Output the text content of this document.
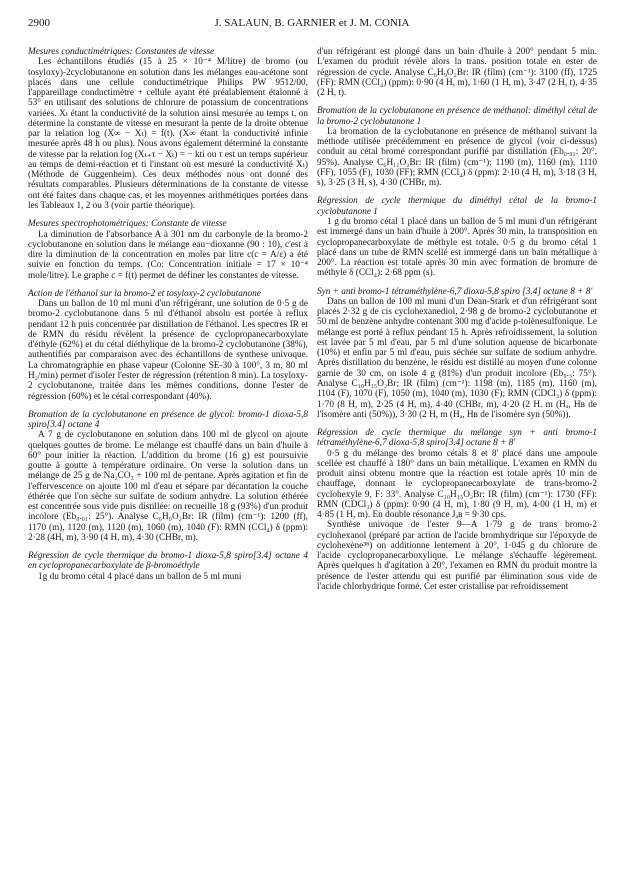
2900	J. SALAUN, B. GARNIER et J. M. CONIA

Mesures conductimétriques: Constantes de vitesse

Les échantillons étudiés (15 à 25 × 10⁻⁴ M/litre) de bromo (ou tosyloxy)-2cyclobutanone en solution dans les mélanges eau-acétone sont placés dans une cellule conductimétrique Philips PW 9512/00, l'appareillage conductimètre + cellule ayant été préalablement étalonné à 53° en utilisant des solutions de chlorure de potassium de concentrations variées. Xₜ étant la conductivité de la solution ainsi mesurée au temps t, on détermine la constante de vitesse en mesurant la pente de la droite obtenue par la relation log (X∞ − Xₜ) = f(t). (X∞ étant la conductivité infinie mesurée après 48 h ou plus). Nous avons également déterminé la constante de vitesse par la relation log (Xₜ₊τ − Xₜ) = − kti ou τ est un temps supérieur au temps de demi-réaction et ti l'instant où est mesuré la conductivité Xₜ) (Méthode de Guggenheim). Ces deux méthodes nous ont donné des résultats comparables. Plusieurs déterminations de la constante de vitesse ont été faites dans chaque cas, et les moyennes arithmétiques portées dans les Tableaux 1, 2 ou 3 (voir partie théorique).

Mesures spectrophotométriques: Constante de vitesse

La diminution de l'absorbance A à 301 nm du carbonyle de la bromo-2 cyclobutanone en solution dans le mélange eau−dioxanne (90 : 10), c'est à dire la diminution de la concentration en moles par litre c(c = A/ε) a été suivie en fonction du temps. (Co: Concentration initiale = 17 × 10⁻⁴ mole/litre). Le graphe c = f(t) permet de définer les constantes de vitesse.

Action de l'éthanol sur la bromo-2 et tosyloxy-2 cyclobutanone

Dans un ballon de 10 ml muni d'un réfrigérant, une solution de 0·5 g de bromo-2 cyclobutanone dans 5 ml d'éthanol absolu est portée à reflux pendant 12 h puis concentrée par distillation de l'éthanol. Les spectres IR et de RMN du résidu révèlent la présence de cyclopropanecarboxylate d'éthyle (62%) et du cétal diéthylique de la bromo-2 cyclobutanone (38%), authentifiés par comparaison avec des échantillons de synthese univoque. La chromatographie en phase vapeur (Colonne SE-30 à 100°, 3 m, 80 ml H₂/min) permet d'isoler l'ester de régression (rétention 8 min). La tosyloxy-2 cyclobutanone, traitée dans les mêmes conditions, donne l'ester de régression (60%) et le cétal correspondant (40%).

Bromation de la cyclobutanone en présence de glycol: bromo-1 dioxa-5,8 spiro[3.4] octane 4

A 7 g de cyclobutanone en solution dans 100 ml de glycol on ajoute quelques gouttes de brome. Le mélange est chauffé dans un bain d'huile à 60° pour initier la réaction. L'addition du brome (16 g) est poursuivie goutte à goutte à température ordinaire. On verse la solution dans un mélange de 25 g de Na₂CO₃ + 100 ml de pentane. Après agitation et fin de l'effervescence on ajoute 100 ml d'eau et sépare par décantation la couche éthérée que l'on sèche sur sulfate de sodium anhydre. La solution éthérée est concentrée sous vide puis distillée: on recueille 18 g (93%) d'un produit incolore (Eb₀.₀₁: 25°). Analyse C₆H₉O₂Br: IR (film) (cm⁻¹): 1200 (ff), 1170 (m), 1120 (m), 1120 (m), 1060 (m), 1040 (F): RMN (CCl₄) δ (ppm): 2·28 (4H, m), 3·90 (4 H, m), 4·30 (CHBr, m).

Régression de cycle thermique du bromo-1 dioxa-5,8 spiro[3.4] octane 4 en cyclopropanecarboxylate de β-bromoéthyle

1g du bromo cétal 4 placé dans un ballon de 5 ml muni

d'un réfrigérant est plongé dans un bain d'huile à 200° pendant 5 min. L'examen du produit révèle alors la trans. position totale en ester de régression de cycle. Analyse C₆H₉O₂Br: IR (film) (cm⁻¹): 3100 (ff), 1725 (FF): RMN (CCl₄) (ppm): 0·90 (4 H, m), 1·60 (1 H, m), 3·47 (2 H, t), 4·35 (2 H, t).

Bromation de la cyclobutanone en présence de méthanol: diméthyl cétal de la bromo-2 cyclobutanone 1

La bromation de la cyclobutanone en présence de méthanol suivant la méthode utilisée précédemment en présence de glycol (voir ci-dessus) conduit au cétal bromé correspondant purifié par distillation (Eb₀.₀₁: 20°, 95%). Analyse C₆H₁₁O₂Br: IR (film) (cm⁻¹): 1190 (m), 1160 (m), 1110 (FF), 1055 (F), 1030 (FF); RMN (CCl₄) δ (ppm): 2·10 (4 H, m), 3·18 (3 H, s), 3·25 (3 H, s), 4·30 (CHBr, m).

Régression de cycle thermique du diméthyl cétal de la bromo-1 cyclobutanone 1

1 g du bromo cétal 1 placé dans un ballon de 5 ml muni d'un réfrigérant est immergé dans un bain d'huile à 200°. Après 30 min, la transposition en cyclopropanecarboxylate de méthyle est totale. 0·5 g du bromo cétal 1 placé dans un tube de RMN scellé est immergé dans un bain métallique à 200°. La réaction est totale après 30 min avec formation de bromure de méthyle δ (CCl₄): 2·68 ppm (s).

Syn + anti bromo-1 tétraméthylène-6,7 dioxa-5,8 spiro [3.4] octane 8 + 8'

Dans un ballon de 100 ml muni d'un Dean-Stark et d'un réfrigérant sont placés 2·32 g de cis cyclohexanediol, 2·98 g de bromo-2 cyclobutanone et 50 ml de benzène anhydre contenant 300 mg d'acide p-tolènesulfonique. Le mélange est porté à reflux pendant 15 h. Après refroidissement, la solution est lavée par 5 ml d'eau, par 5 ml d'une solution aqueuse de bicarbonate (10%) et enfin par 5 ml d'eau, puis séchée sur sulfate de sodium anhydre. Après distillation du benzène, le résidu est distillé au moyen d'une colonne garnie de 30 cm, on isole 4 g (81%) d'un produit incolore (Eb₀.₅: 75°). Analyse C₁₀H₁₅O₂Br; IR (film) (cm⁻¹): 1198 (m), 1185 (m), 1160 (m), 1104 (F), 1070 (F), 1050 (m), 1040 (m), 1030 (F); RMN (CDCl₃) δ (ppm): 1·70 (8 H, m), 2·25 (4 H, m), 4·40 (CHBr, m), 4·20 (2 H. m (Hₐ, Hʙ de l'isomère anti (50%)), 3·30 (2 H, m (Hₐ, Hʙ de l'isomère syn (50%)).

Régression de cycle thermique du mélange syn + anti bromo-1 tétraméthylène-6,7 dioxa-5,8 spiro[3.4] octane 8 + 8'

0·5 g du mélange des bromo cétals 8 et 8' placé dans une ampoule scellée est chauffé à 180° dans un bain métallique. L'examen en RMN du produit ainsi obtenu montre que la réaction est totale après 10 min de chauffage, donnant le cyclopropanecarboxylate de trans-bromo-2 cyclohexyle 9, F: 33°. Analyse C₁₀H₁₅O₂Br: IR (film) (cm⁻¹): 1730 (FF): RMN (CDCl₃) δ (ppm): 0·90 (4 H, m), 1·80 (9 H, m), 4·00 (1 H, m) et 4·85 (1 H, m). En double résonance Jₐʙ = 9·30 cps.

Synthèse univoque de l'ester 9—A 1·79 g de trans bromo-2 cyclohexanol (préparé par action de l'acide bromhydrique sur l'époxyde de cyclohexène³⁸) on additionne lentement à 20°, 1·045 g du chlorure de l'acide cyclopropanecarboxylique. Le mélange s'échauffe légèrement. Après quelques h d'agitation à 20°, l'examen en RMN du produit montre la présence de l'ester attendu qui est purifié par élimination sous vide de l'acide chlorhydrique formé. Cet ester cristallise par refroidissement
